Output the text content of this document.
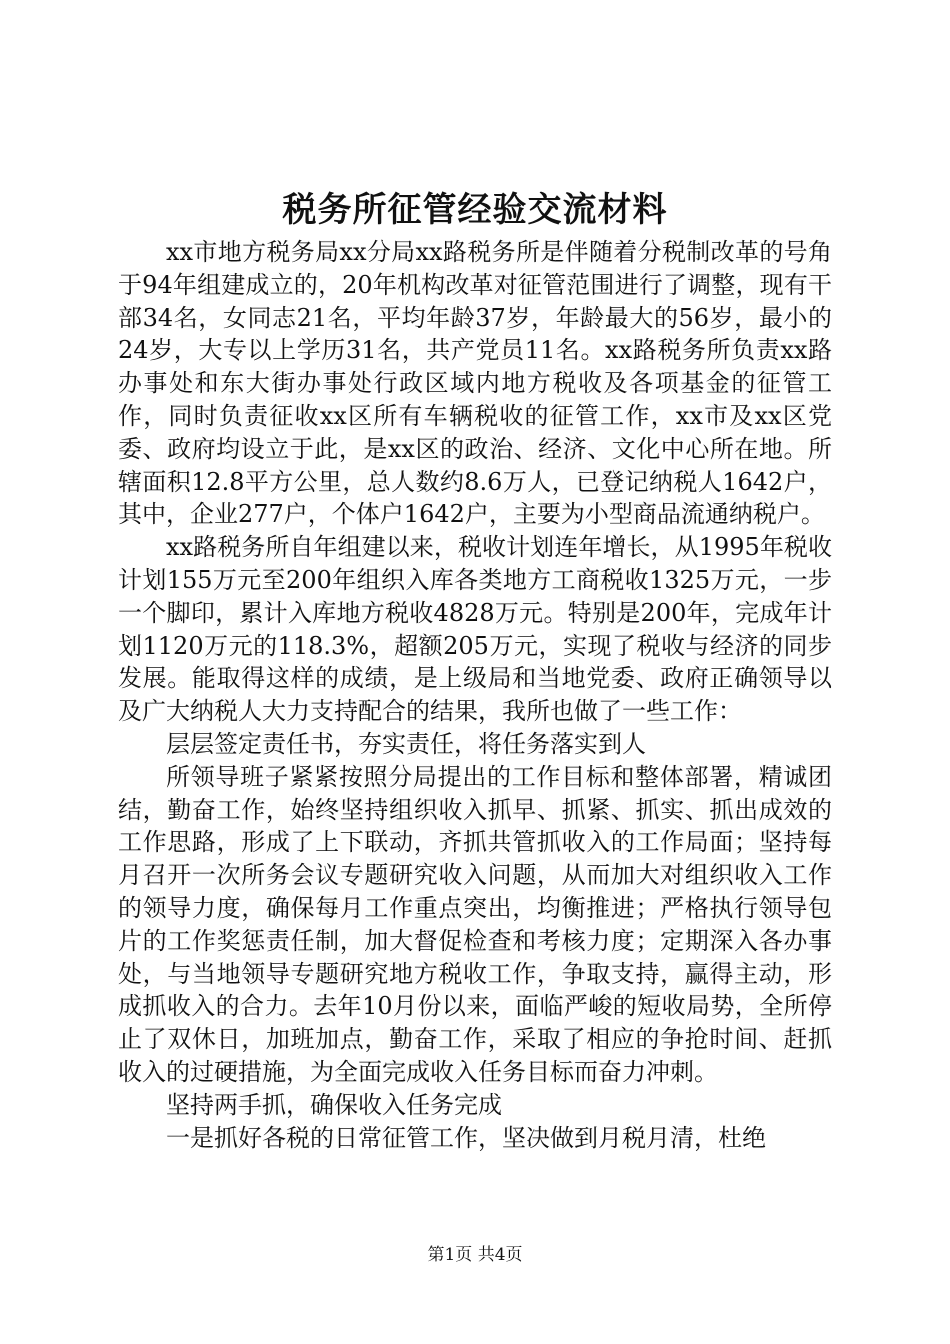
税务所征管经验交流材料

xx市地方税务局xx分局xx路税务所是伴随着分税制改革的号角于94年组建成立的，20年机构改革对征管范围进行了调整，现有干部34名，女同志21名，平均年龄37岁，年龄最大的56岁，最小的24岁，大专以上学历31名，共产党员11名。xx路税务所负责xx路办事处和东大街办事处行政区域内地方税收及各项基金的征管工作，同时负责征收xx区所有车辆税收的征管工作，xx市及xx区党委、政府均设立于此，是xx区的政治、经济、文化中心所在地。所辖面积12.8平方公里，总人数约8.6万人，已登记纳税人1642户，其中，企业277户，个体户1642户，主要为小型商品流通纳税户。

xx路税务所自年组建以来，税收计划连年增长，从1995年税收计划155万元至200年组织入库各类地方工商税收1325万元，一步一个脚印，累计入库地方税收4828万元。特别是200年，完成年计划1120万元的118.3%，超额205万元，实现了税收与经济的同步发展。能取得这样的成绩，是上级局和当地党委、政府正确领导以及广大纳税人大力支持配合的结果，我所也做了一些工作：

层层签定责任书，夯实责任，将任务落实到人

所领导班子紧紧按照分局提出的工作目标和整体部署，精诚团结，勤奋工作，始终坚持组织收入抓早、抓紧、抓实、抓出成效的工作思路，形成了上下联动，齐抓共管抓收入的工作局面；坚持每月召开一次所务会议专题研究收入问题，从而加大对组织收入工作的领导力度，确保每月工作重点突出，均衡推进；严格执行领导包片的工作奖惩责任制，加大督促检查和考核力度；定期深入各办事处，与当地领导专题研究地方税收工作，争取支持，赢得主动，形成抓收入的合力。去年10月份以来，面临严峻的短收局势，全所停止了双休日，加班加点，勤奋工作，采取了相应的争抢时间、赶抓收入的过硬措施，为全面完成收入任务目标而奋力冲刺。

坚持两手抓，确保收入任务完成

一是抓好各税的日常征管工作，坚决做到月税月清，杜绝

第1页 共4页
